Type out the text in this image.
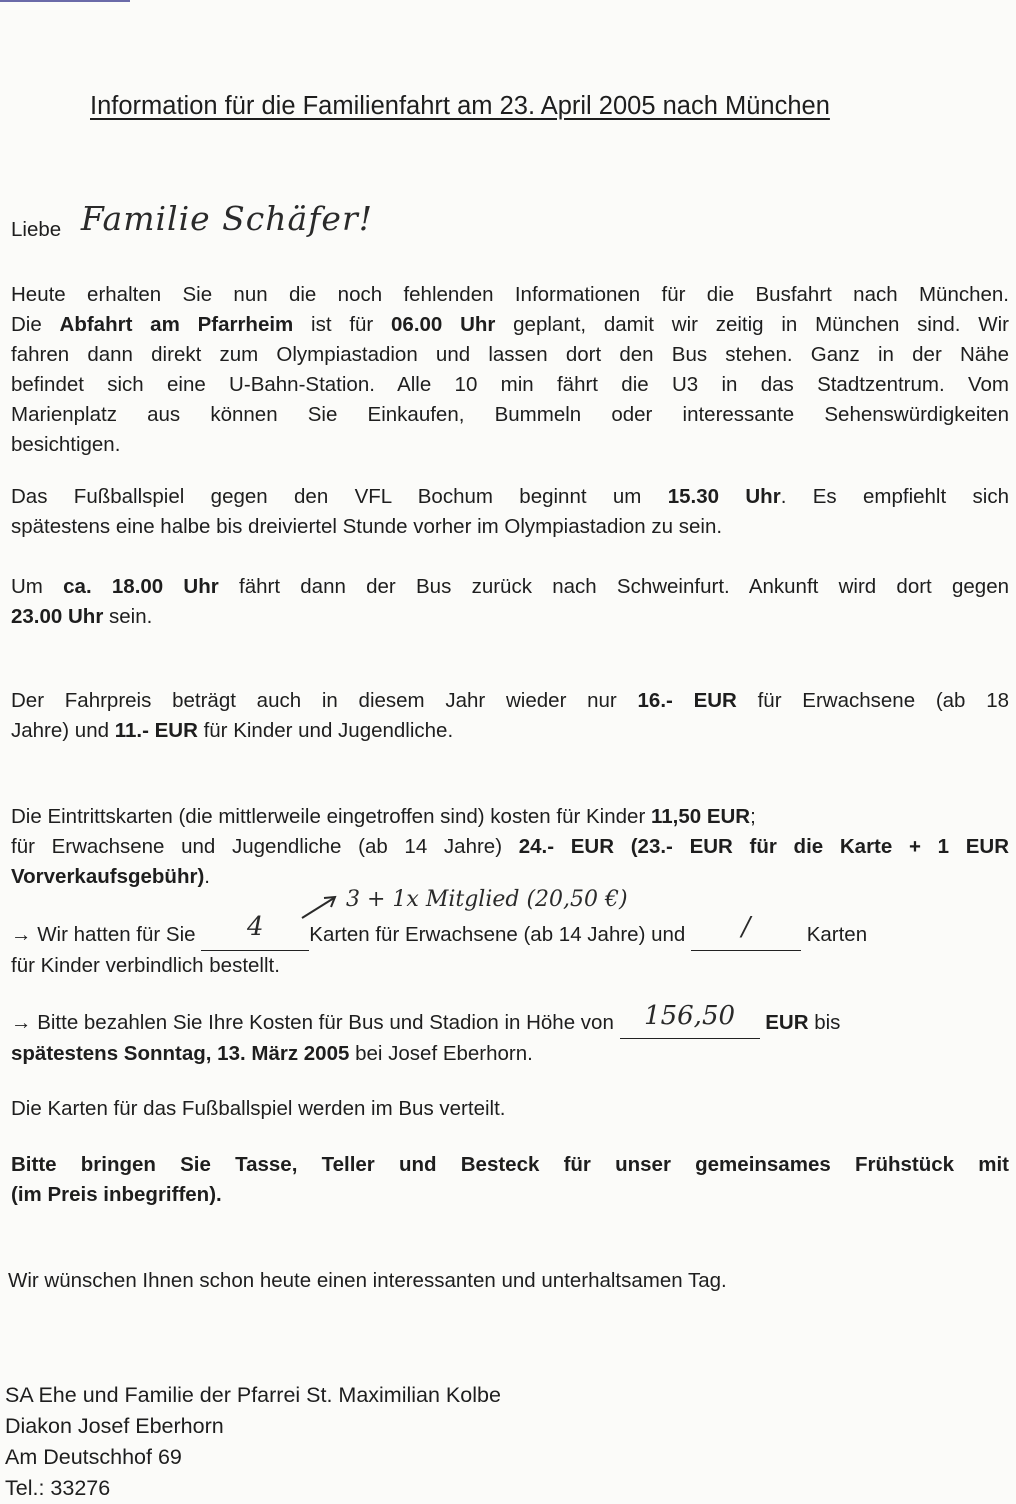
Information für die Familienfahrt am 23. April 2005 nach München
Liebe Familie Schäfer!
Heute erhalten Sie nun die noch fehlenden Informationen für die Busfahrt nach München.
Die Abfahrt am Pfarrheim ist für 06.00 Uhr geplant, damit wir zeitig in München sind. Wir
fahren dann direkt zum Olympiastadion und lassen dort den Bus stehen. Ganz in der Nähe
befindet sich eine U-Bahn-Station. Alle 10 min fährt die U3 in das Stadtzentrum. Vom
Marienplatz aus können Sie Einkaufen, Bummeln oder interessante Sehenswürdigkeiten
besichtigen.
Das Fußballspiel gegen den VFL Bochum beginnt um 15.30 Uhr. Es empfiehlt sich
spätestens eine halbe bis dreiviertel Stunde vorher im Olympiastadion zu sein.
Um ca. 18.00 Uhr fährt dann der Bus zurück nach Schweinfurt. Ankunft wird dort gegen
23.00 Uhr sein.
Der Fahrpreis beträgt auch in diesem Jahr wieder nur 16.- EUR für Erwachsene (ab 18
Jahre) und 11.- EUR für Kinder und Jugendliche.
Die Eintrittskarten (die mittlerweile eingetroffen sind) kosten für Kinder 11,50 EUR;
für Erwachsene und Jugendliche (ab 14 Jahre) 24.- EUR (23.- EUR für die Karte + 1 EUR
Vorverkaufsgebühr).
3 + 1x Mitglied (20,50 €)
→ Wir hatten für Sie 4 Karten für Erwachsene (ab 14 Jahre) und / Karten
für Kinder verbindlich bestellt.
→ Bitte bezahlen Sie Ihre Kosten für Bus und Stadion in Höhe von 156,50 EUR bis
spätestens Sonntag, 13. März 2005 bei Josef Eberhorn.
Die Karten für das Fußballspiel werden im Bus verteilt.
Bitte bringen Sie Tasse, Teller und Besteck für unser gemeinsames Frühstück mit
(im Preis inbegriffen).
Wir wünschen Ihnen schon heute einen interessanten und unterhaltsamen Tag.
SA Ehe und Familie der Pfarrei St. Maximilian Kolbe
Diakon Josef Eberhorn
Am Deutschhof 69
Tel.: 33276
